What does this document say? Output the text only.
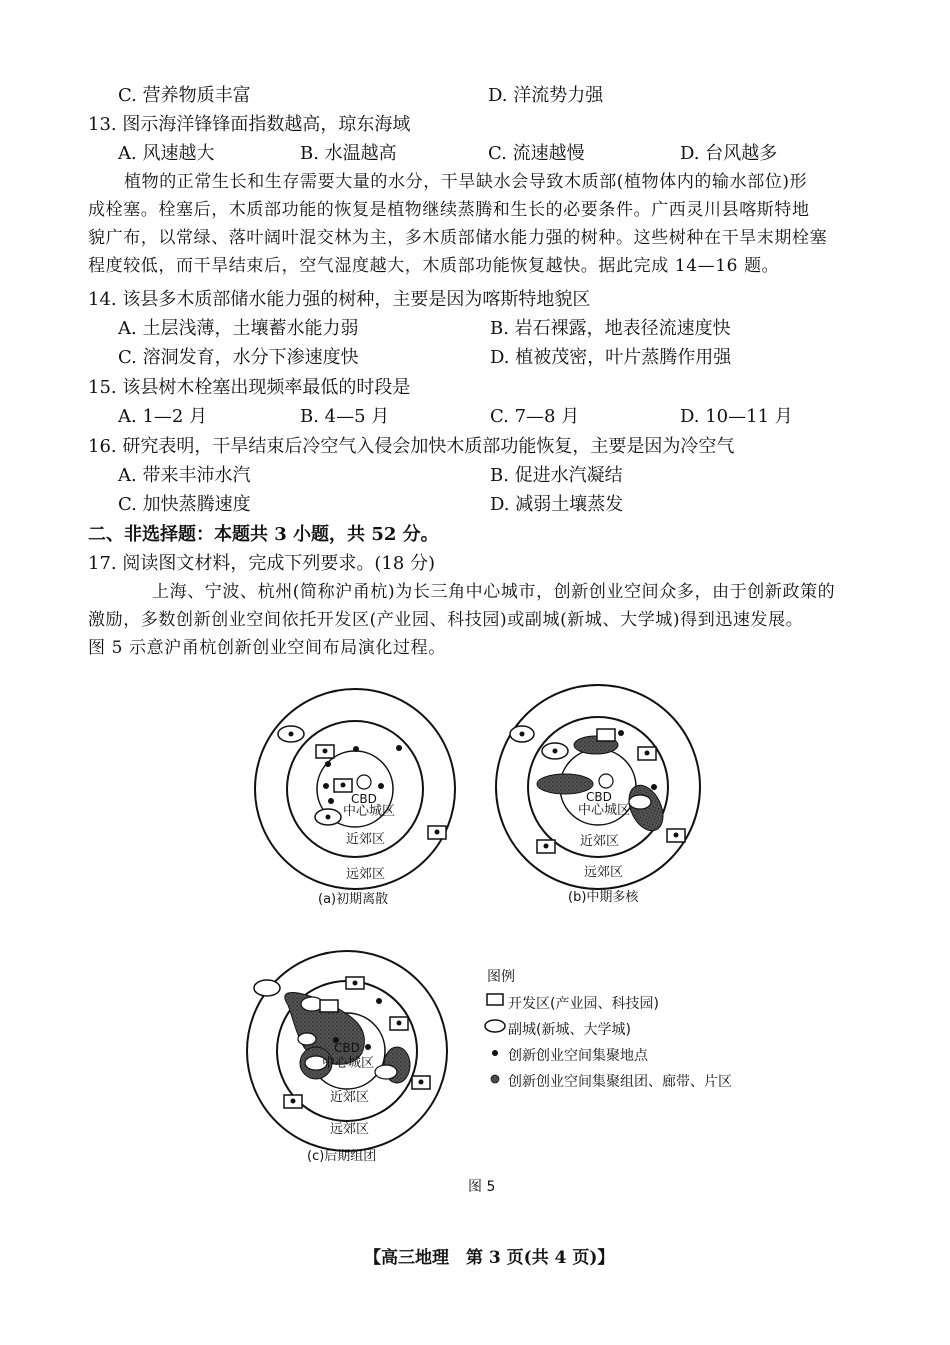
C. 营养物质丰富	D. 洋流势力强
13. 图示海洋锋锋面指数越高，琼东海域
A. 风速越大	B. 水温越高	C. 流速越慢	D. 台风越多
植物的正常生长和生存需要大量的水分，干旱缺水会导致木质部(植物体内的输水部位)形
成栓塞。栓塞后，木质部功能的恢复是植物继续蒸腾和生长的必要条件。广西灵川县喀斯特地
貌广布，以常绿、落叶阔叶混交林为主，多木质部储水能力强的树种。这些树种在干旱末期栓塞
程度较低，而干旱结束后，空气湿度越大，木质部功能恢复越快。据此完成 14—16 题。
14. 该县多木质部储水能力强的树种，主要是因为喀斯特地貌区
A. 土层浅薄，土壤蓄水能力弱	B. 岩石裸露，地表径流速度快
C. 溶洞发育，水分下渗速度快	D. 植被茂密，叶片蒸腾作用强
15. 该县树木栓塞出现频率最低的时段是
A. 1—2 月	B. 4—5 月	C. 7—8 月	D. 10—11 月
16. 研究表明，干旱结束后冷空气入侵会加快木质部功能恢复，主要是因为冷空气
A. 带来丰沛水汽	B. 促进水汽凝结
C. 加快蒸腾速度	D. 减弱土壤蒸发
二、非选择题：本题共 3 小题，共 52 分。
17. 阅读图文材料，完成下列要求。(18 分)
上海、宁波、杭州(简称沪甬杭)为长三角中心城市，创新创业空间众多，由于创新政策的
激励，多数创新创业空间依托开发区(产业园、科技园)或副城(新城、大学城)得到迅速发展。
图 5 示意沪甬杭创新创业空间布局演化过程。
CBD
中心城区
近郊区
远郊区
(a)初期离散
CBD
中心城区
近郊区
远郊区
(b)中期多核
CBD
中心城区
近郊区
远郊区
(c)后期组团
图例
开发区(产业园、科技园)
副城(新城、大学城)
创新创业空间集聚地点
创新创业空间集聚组团、廊带、片区
图 5
【高三地理　第 3 页(共 4 页)】
